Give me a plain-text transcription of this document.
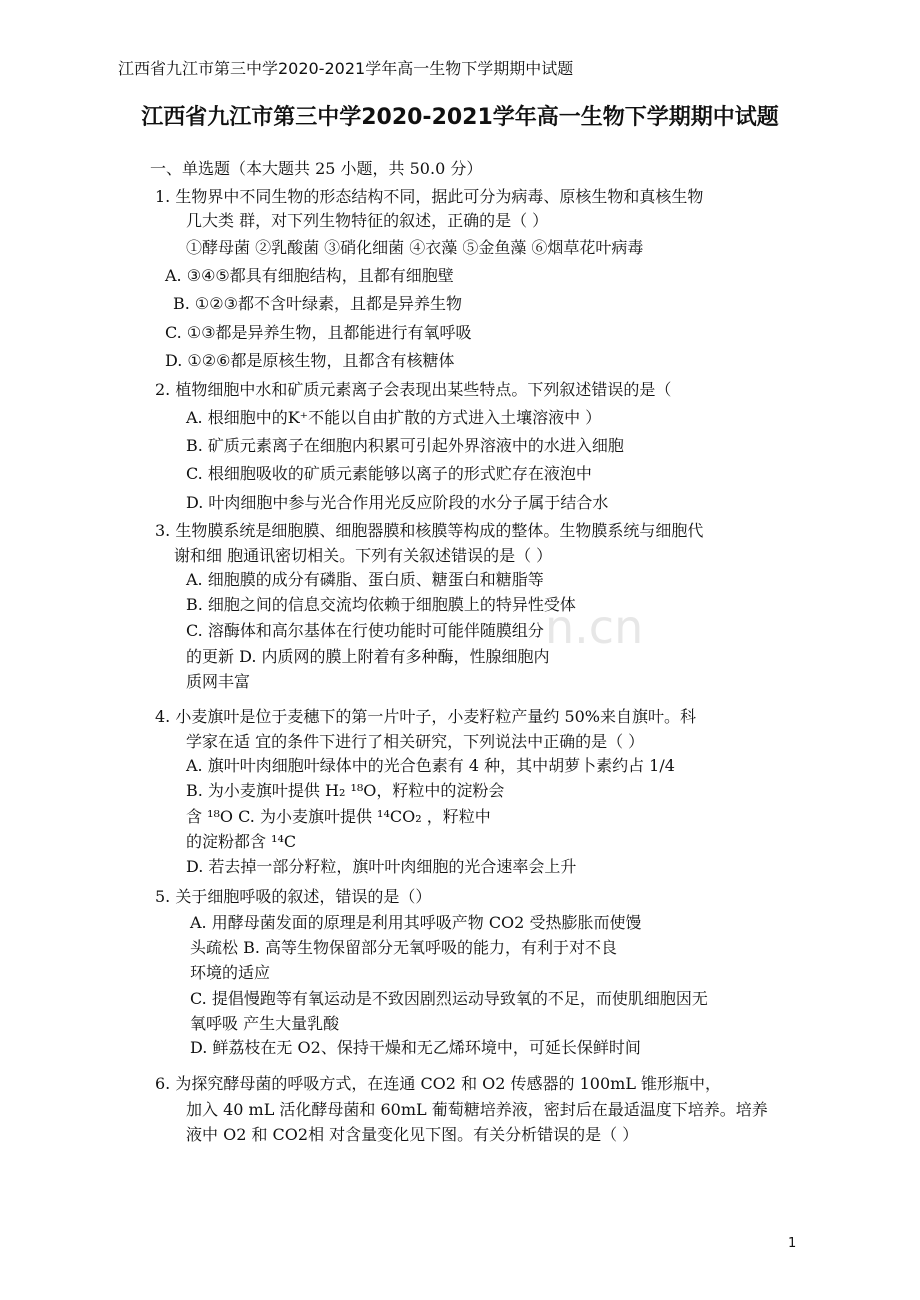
江西省九江市第三中学2020-2021学年高一生物下学期期中试题
江西省九江市第三中学2020-2021学年高一生物下学期期中试题
n.cn
一、单选题（本大题共 25 小题，共 50.0 分）
1. 生物界中不同生物的形态结构不同，据此可分为病毒、原核生物和真核生物
几大类 群，对下列生物特征的叙述，正确的是（ ）
①酵母菌 ②乳酸菌 ③硝化细菌 ④衣藻 ⑤金鱼藻 ⑥烟草花叶病毒
A. ③④⑤都具有细胞结构，且都有细胞壁
B. ①②③都不含叶绿素，且都是异养生物
C. ①③都是异养生物，且都能进行有氧呼吸
D. ①②⑥都是原核生物，且都含有核糖体
2. 植物细胞中水和矿质元素离子会表现出某些特点。下列叙述错误的是（
A. 根细胞中的K⁺不能以自由扩散的方式进入土壤溶液中 ）
B. 矿质元素离子在细胞内积累可引起外界溶液中的水进入细胞
C. 根细胞吸收的矿质元素能够以离子的形式贮存在液泡中
D. 叶肉细胞中参与光合作用光反应阶段的水分子属于结合水
3. 生物膜系统是细胞膜、细胞器膜和核膜等构成的整体。生物膜系统与细胞代
谢和细 胞通讯密切相关。下列有关叙述错误的是（ ）
A. 细胞膜的成分有磷脂、蛋白质、糖蛋白和糖脂等
B. 细胞之间的信息交流均依赖于细胞膜上的特异性受体
C. 溶酶体和高尔基体在行使功能时可能伴随膜组分
的更新 D. 内质网的膜上附着有多种酶，性腺细胞内
质网丰富
4. 小麦旗叶是位于麦穗下的第一片叶子，小麦籽粒产量约 50%来自旗叶。科
学家在适 宜的条件下进行了相关研究，下列说法中正确的是（ ）
A. 旗叶叶肉细胞叶绿体中的光合色素有 4 种，其中胡萝卜素约占 1/4
B. 为小麦旗叶提供 H₂ ¹⁸O，籽粒中的淀粉会
含 ¹⁸O C. 为小麦旗叶提供 ¹⁴CO₂ ，籽粒中
的淀粉都含 ¹⁴C
D. 若去掉一部分籽粒，旗叶叶肉细胞的光合速率会上升
5. 关于细胞呼吸的叙述，错误的是（）
A. 用酵母菌发面的原理是利用其呼吸产物 CO2 受热膨胀而使馒
头疏松 B. 高等生物保留部分无氧呼吸的能力，有利于对不良
环境的适应
C. 提倡慢跑等有氧运动是不致因剧烈运动导致氧的不足，而使肌细胞因无
氧呼吸 产生大量乳酸
D. 鲜荔枝在无 O2、保持干燥和无乙烯环境中，可延长保鲜时间
6. 为探究酵母菌的呼吸方式，在连通 CO2 和 O2 传感器的 100mL 锥形瓶中，
加入 40 mL 活化酵母菌和 60mL 葡萄糖培养液，密封后在最适温度下培养。培养
液中 O2 和 CO2相 对含量变化见下图。有关分析错误的是（ ）
1
